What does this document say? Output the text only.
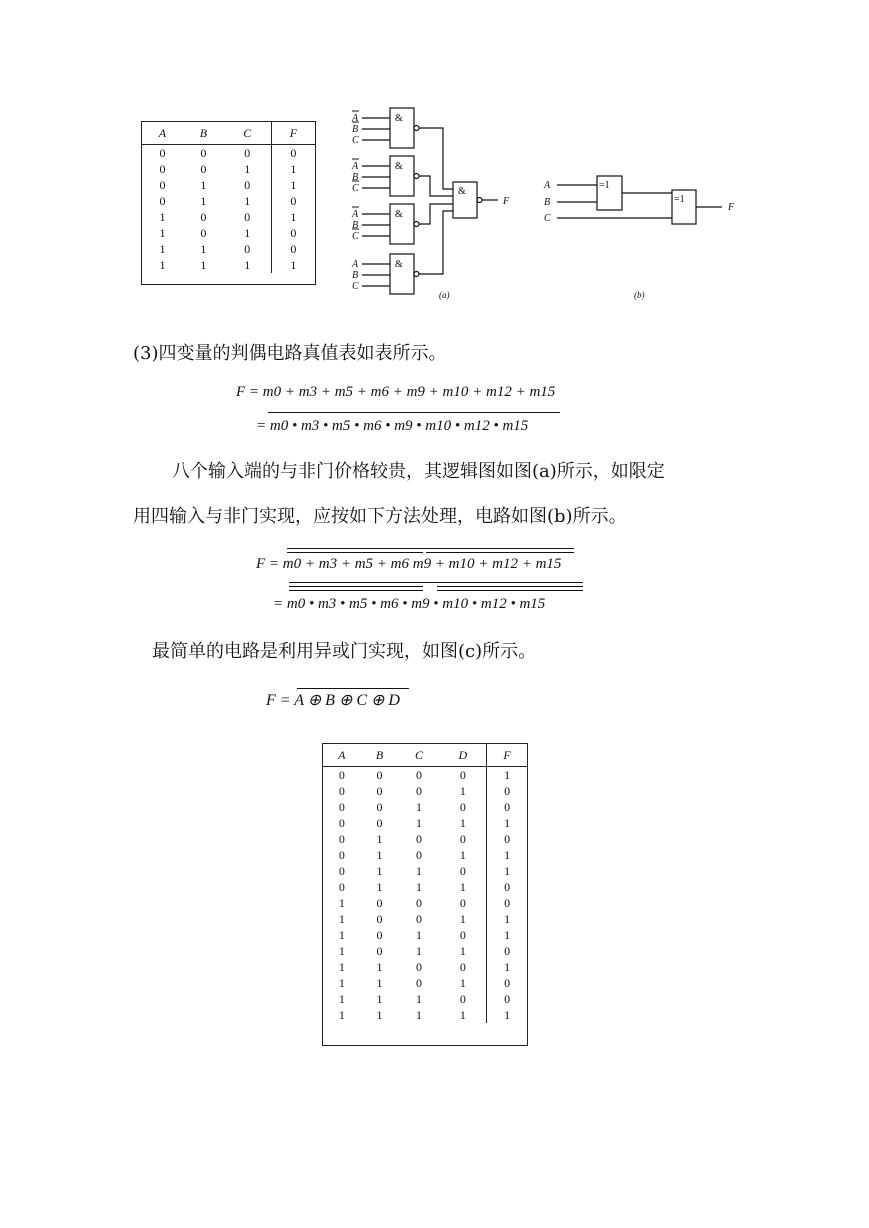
A	B	C	F
0	0	0	0
0	0	1	1
0	1	0	1
0	1	1	0
1	0	0	1
1	0	1	0
1	1	0	0
1	1	1	1
A
B
C
A
B
C
A
B
C
A
B
C
F
&
&
&
&
&
(a)
A
B
C
F
=1
=1
(b)
(3)四变量的判偶电路真值表如表所示。
F = m0 + m3 + m5 + m6 + m9 + m10 + m12 + m15
= m0 • m3 • m5 • m6 • m9 • m10 • m12 • m15
八个输入端的与非门价格较贵，其逻辑图如图(a)所示，如限定
用四输入与非门实现，应按如下方法处理，电路如图(b)所示。
F = m0 + m3 + m5 + m6 m9 + m10 + m12 + m15
= m0 • m3 • m5 • m6 • m9 • m10 • m12 • m15
最简单的电路是利用异或门实现，如图(c)所示。
F = A ⊕ B ⊕ C ⊕ D
A	B	C	D	F
0	0	0	0	1
0	0	0	1	0
0	0	1	0	0
0	0	1	1	1
0	1	0	0	0
0	1	0	1	1
0	1	1	0	1
0	1	1	1	0
1	0	0	0	0
1	0	0	1	1
1	0	1	0	1
1	0	1	1	0
1	1	0	0	1
1	1	0	1	0
1	1	1	0	0
1	1	1	1	1
